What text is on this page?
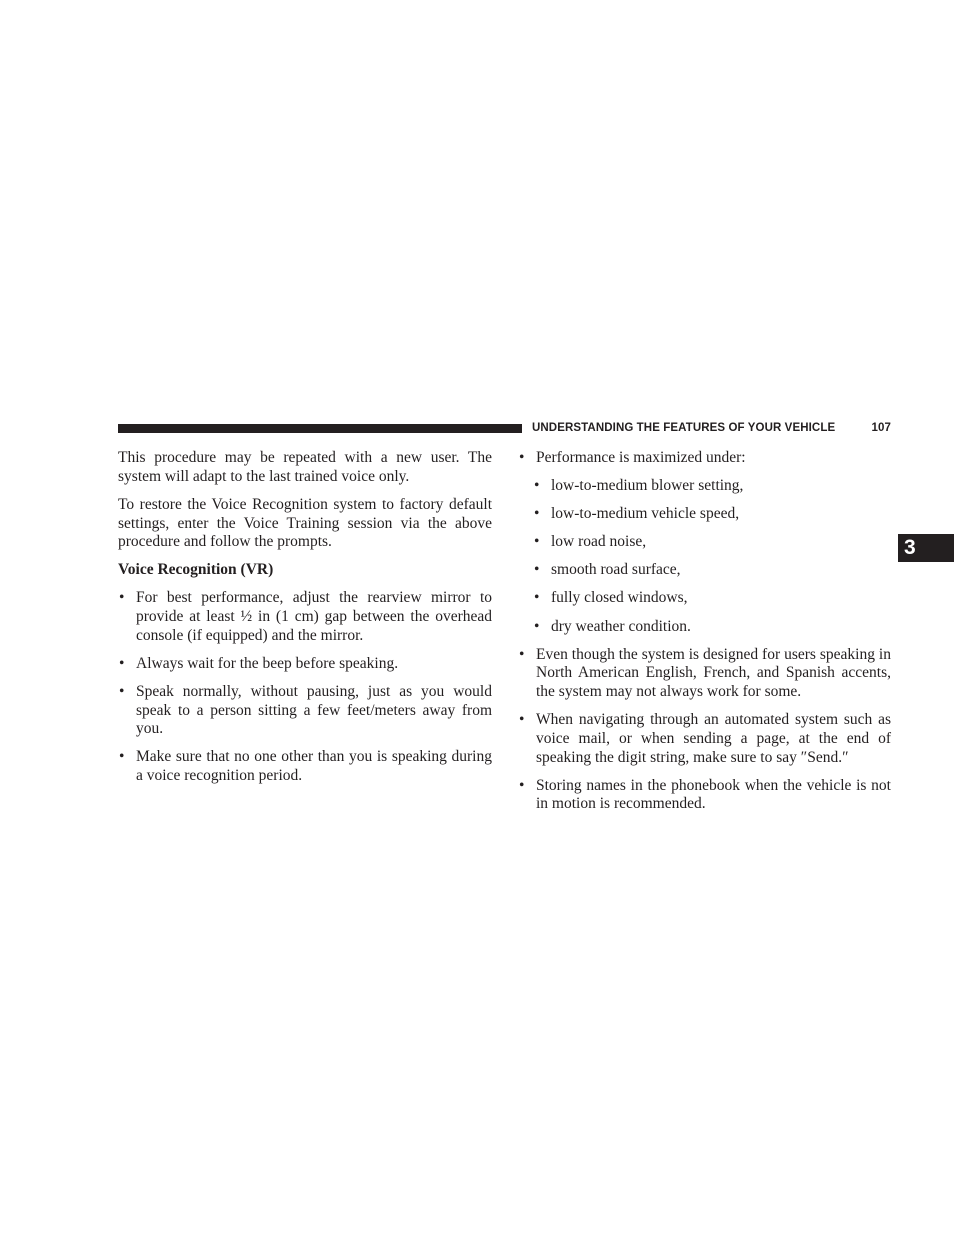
UNDERSTANDING THE FEATURES OF YOUR VEHICLE	107
3

This procedure may be repeated with a new user. The system will adapt to the last trained voice only.

To restore the Voice Recognition system to factory default settings, enter the Voice Training session via the above procedure and follow the prompts.

Voice Recognition (VR)

• For best performance, adjust the rearview mirror to provide at least ½ in (1 cm) gap between the overhead console (if equipped) and the mirror.
• Always wait for the beep before speaking.
• Speak normally, without pausing, just as you would speak to a person sitting a few feet/meters away from you.
• Make sure that no one other than you is speaking during a voice recognition period.
• Performance is maximized under:
• low-to-medium blower setting,
• low-to-medium vehicle speed,
• low road noise,
• smooth road surface,
• fully closed windows,
• dry weather condition.
• Even though the system is designed for users speaking in North American English, French, and Spanish accents, the system may not always work for some.
• When navigating through an automated system such as voice mail, or when sending a page, at the end of speaking the digit string, make sure to say ″Send.″
• Storing names in the phonebook when the vehicle is not in motion is recommended.
